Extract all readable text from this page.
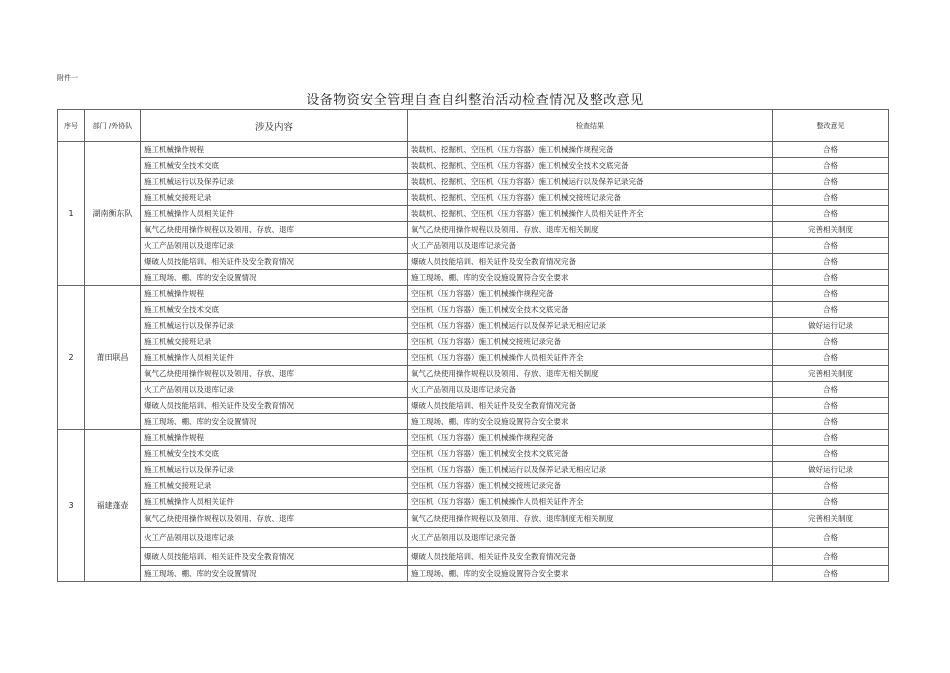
附件一
设备物资安全管理自查自纠整治活动检查情况及整改意见
序号	部门 /外协队	涉及内容	检查结果	整改意见
1	湖南衡东队	施工机械操作规程	装载机、挖掘机、空压机（压力容器）施工机械操作规程完备	合格
		施工机械安全技术交底	装载机、挖掘机、空压机（压力容器）施工机械安全技术交底完备	合格
		施工机械运行以及保养记录	装载机、挖掘机、空压机（压力容器）施工机械运行以及保养记录完备	合格
		施工机械交接班记录	装载机、挖掘机、空压机（压力容器）施工机械交接班记录完备	合格
		施工机械操作人员相关证件	装载机、挖掘机、空压机（压力容器）施工机械操作人员相关证件齐全	合格
		氧气乙炔使用操作规程以及领用、存放、退库	氧气乙炔使用操作规程以及领用、存放、退库无相关制度	完善相关制度
		火工产品领用以及退库记录	火工产品领用以及退库记录完备	合格
		爆破人员技能培训、相关证件及安全教育情况	爆破人员技能培训、相关证件及安全教育情况完备	合格
		施工现场、棚、库的安全设置情况	施工现场、棚、库的安全设施设置符合安全要求	合格
2	莆田联昌	施工机械操作规程	空压机（压力容器）施工机械操作规程完备	合格
		施工机械安全技术交底	空压机（压力容器）施工机械安全技术交底完备	合格
		施工机械运行以及保养记录	空压机（压力容器）施工机械运行以及保养记录无相应记录	做好运行记录
		施工机械交接班记录	空压机（压力容器）施工机械交接班记录完备	合格
		施工机械操作人员相关证件	空压机（压力容器）施工机械操作人员相关证件齐全	合格
		氧气乙炔使用操作规程以及领用、存放、退库	氧气乙炔使用操作规程以及领用、存放、退库无相关制度	完善相关制度
		火工产品领用以及退库记录	火工产品领用以及退库记录完备	合格
		爆破人员技能培训、相关证件及安全教育情况	爆破人员技能培训、相关证件及安全教育情况完备	合格
		施工现场、棚、库的安全设置情况	施工现场、棚、库的安全设施设置符合安全要求	合格
3	福建蓬壶	施工机械操作规程	空压机（压力容器）施工机械操作规程完备	合格
		施工机械安全技术交底	空压机（压力容器）施工机械安全技术交底完备	合格
		施工机械运行以及保养记录	空压机（压力容器）施工机械运行以及保养记录无相应记录	做好运行记录
		施工机械交接班记录	空压机（压力容器）施工机械交接班记录完备	合格
		施工机械操作人员相关证件	空压机（压力容器）施工机械操作人员相关证件齐全	合格
		氧气乙炔使用操作规程以及领用、存放、退库	氧气乙炔使用操作规程以及领用、存放、退库制度无相关制度	完善相关制度
		火工产品领用以及退库记录	火工产品领用以及退库记录完备	合格
		爆破人员技能培训、相关证件及安全教育情况	爆破人员技能培训、相关证件及安全教育情况完备	合格
		施工现场、棚、库的安全设置情况	施工现场、棚、库的安全设施设置符合安全要求	合格
